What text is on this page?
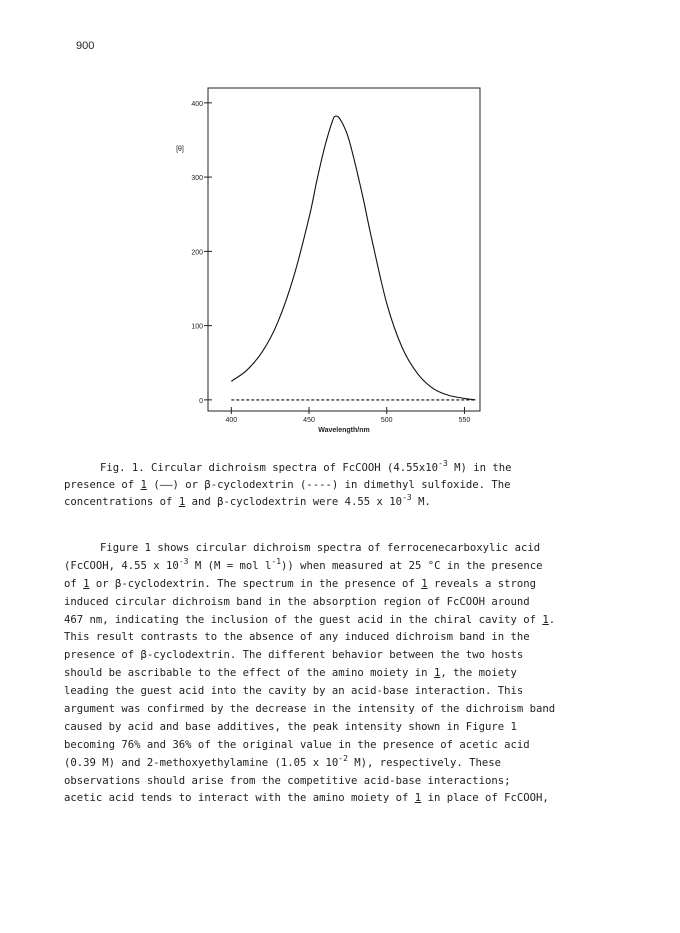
900
0
100
200
300
400
400	450	500	550
[θ]
Wavelength/nm
Fig. 1. Circular dichroism spectra of FcCOOH ($4.55x10^{-3}$ M) in the
presence of 1 (——) or β-cyclodextrin (----) in dimethyl sulfoxide. The
concentrations of 1 and β-cyclodextrin were 4.55 x $10^{-3}$ M.
Figure 1 shows circular dichroism spectra of ferrocenecarboxylic acid
(FcCOOH, 4.55 x $10^{-3}$ M (M = mol $l^{-1}$)) when measured at 25 °C in the presence
of 1 or β-cyclodextrin. The spectrum in the presence of 1 reveals a strong
induced circular dichroism band in the absorption region of FcCOOH around
467 nm, indicating the inclusion of the guest acid in the chiral cavity of 1.
This result contrasts to the absence of any induced dichroism band in the
presence of β-cyclodextrin. The different behavior between the two hosts
should be ascribable to the effect of the amino moiety in 1, the moiety
leading the guest acid into the cavity by an acid-base interaction. This
argument was confirmed by the decrease in the intensity of the dichroism band
caused by acid and base additives, the peak intensity shown in Figure 1
becoming 76% and 36% of the original value in the presence of acetic acid
(0.39 M) and 2-methoxyethylamine (1.05 x $10^{-2}$ M), respectively. These
observations should arise from the competitive acid-base interactions;
acetic acid tends to interact with the amino moiety of 1 in place of FcCOOH,
